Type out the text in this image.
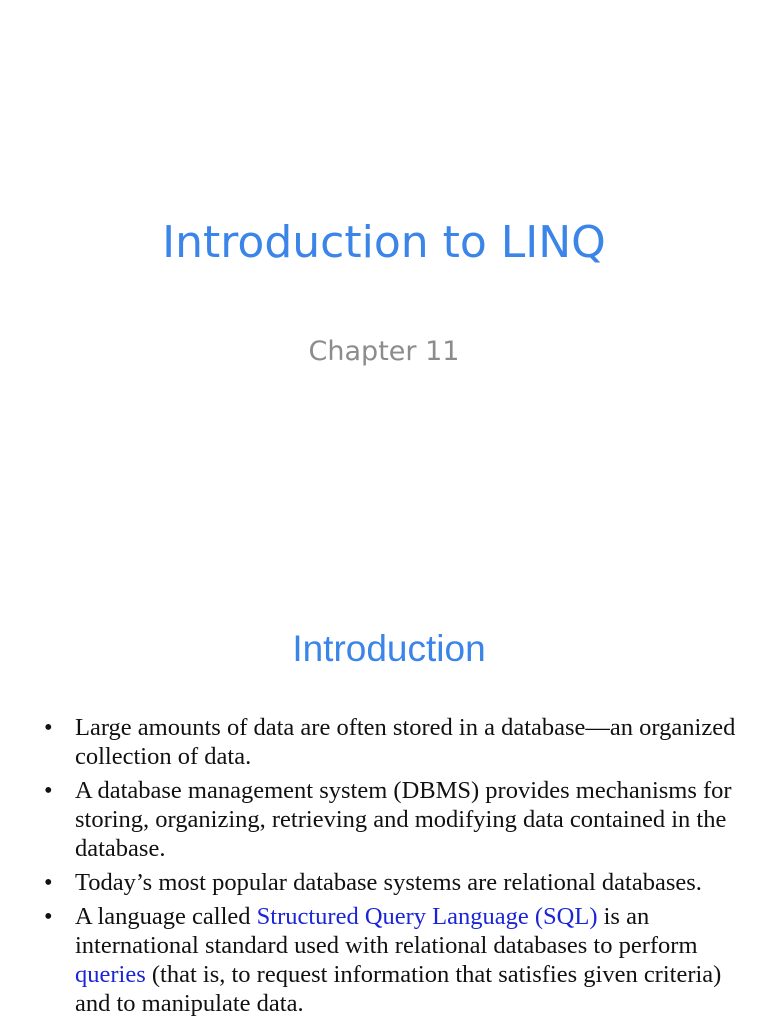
Introduction to LINQ
Chapter 11
Introduction
• Large amounts of data are often stored in a database—an organized collection of data.
• A database management system (DBMS) provides mechanisms for storing, organizing, retrieving and modifying data contained in the database.
• Today’s most popular database systems are relational databases.
• A language called Structured Query Language (SQL) is an international standard used with relational databases to perform queries (that is, to request information that satisfies given criteria) and to manipulate data.
